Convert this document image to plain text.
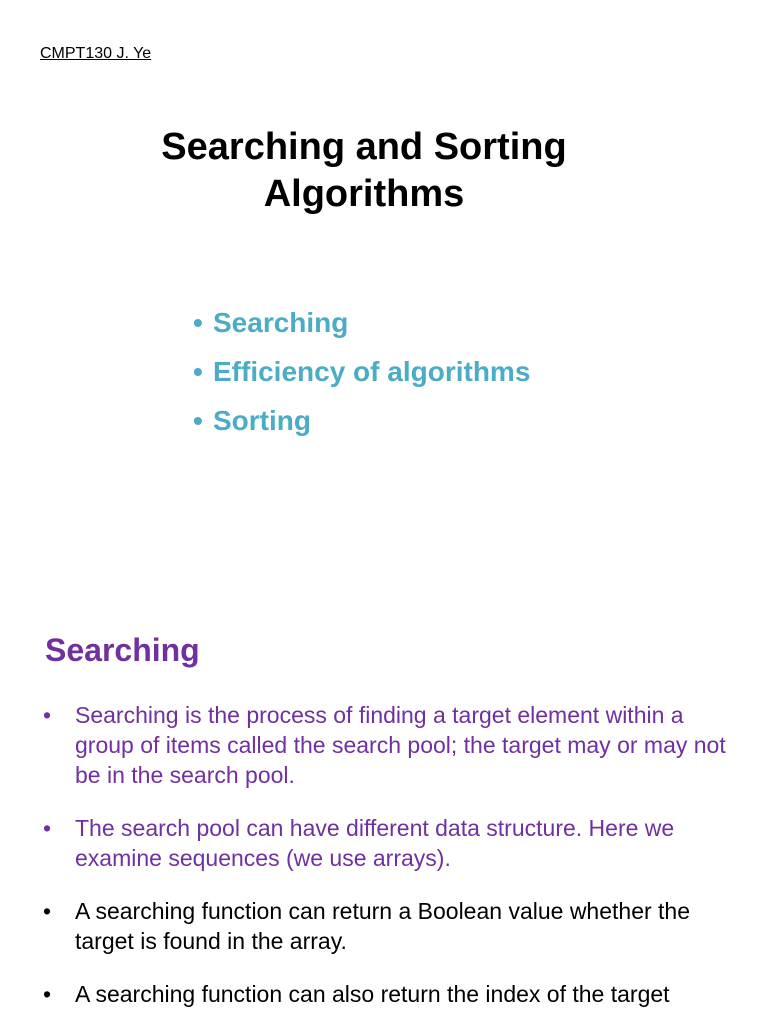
CMPT130 J. Ye
Searching and Sorting
Algorithms
• Searching
• Efficiency of algorithms
• Sorting
Searching
• Searching is the process of finding a target element within a group of items called the search pool; the target may or may not be in the search pool.
• The search pool can have different data structure. Here we examine sequences (we use arrays).
• A searching function can return a Boolean value whether the target is found in the array.
• A searching function can also return the index of the target
